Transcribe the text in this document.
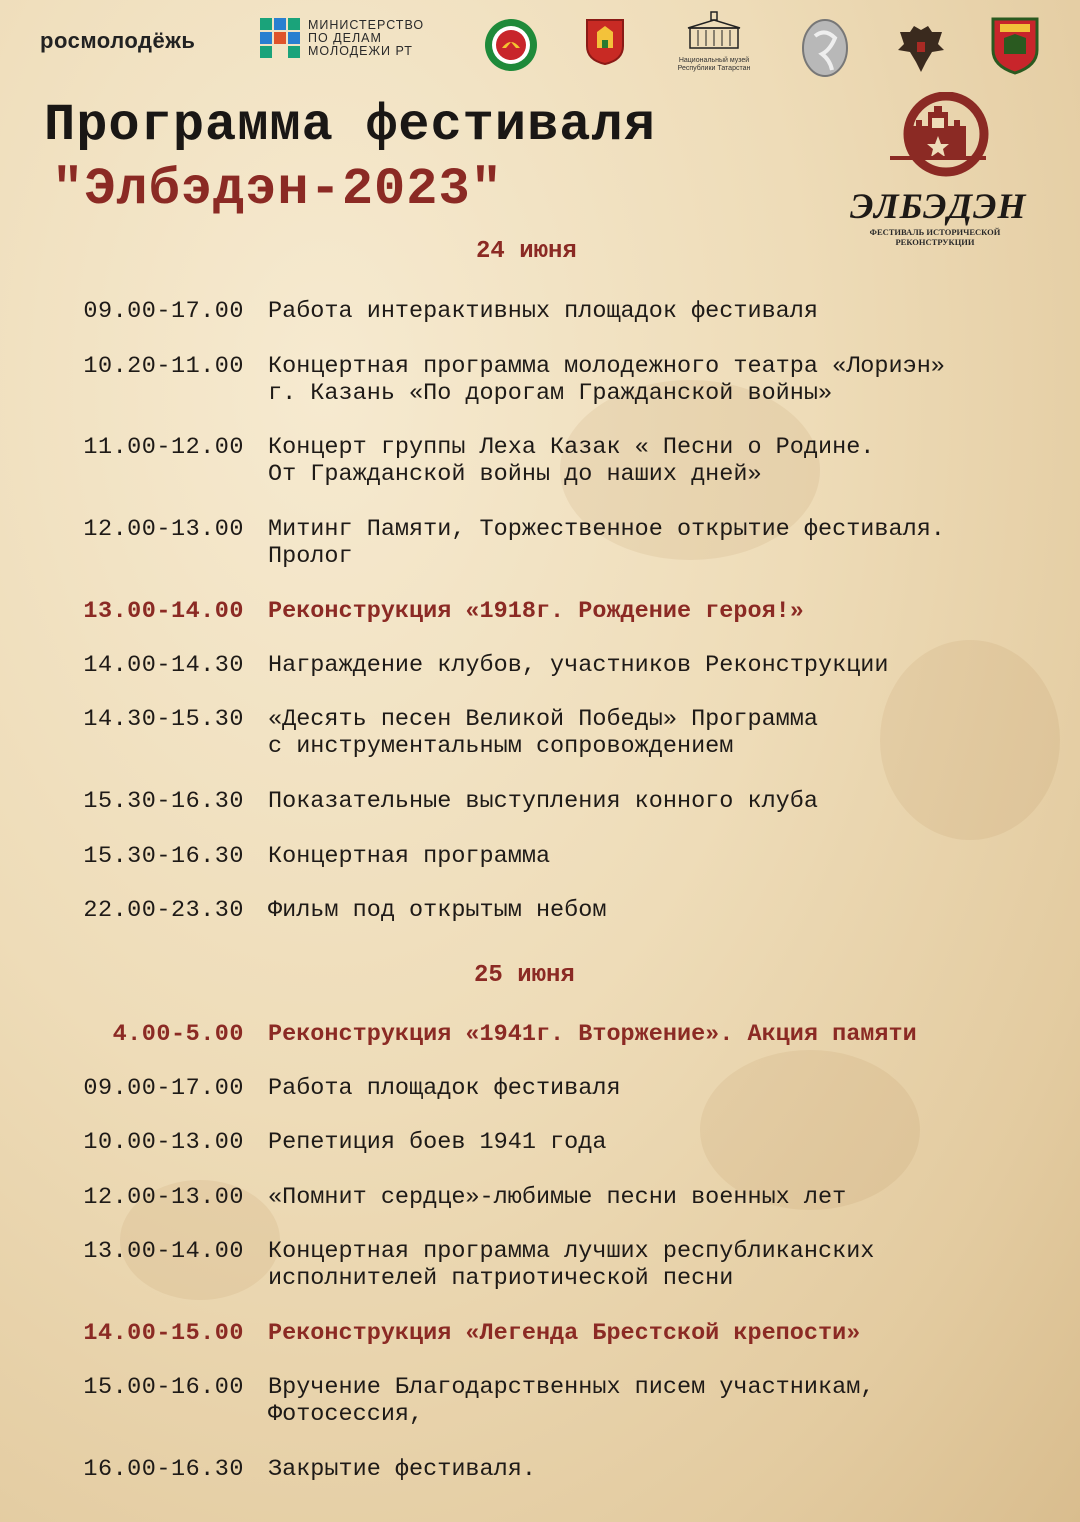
росмолодёжь
МИНИСТЕРСТВО
ПО ДЕЛАМ
МОЛОДЕЖИ РТ
Национальный музей
Республики Татарстан
Программа фестиваля
"Элбэдэн-2023"	ЭЛБЭДЭН
ФЕСТИВАЛЬ ИСТОРИЧЕСКОЙ
РЕКОНСТРУКЦИИ
24 июня
09.00-17.00 Работа интерактивных площадок фестиваля
10.20-11.00 Концертная программа молодежного театра «Лориэн»
г. Казань «По дорогам Гражданской войны»
11.00-12.00 Концерт группы Леха Казак « Песни о Родине.
От Гражданской войны до наших дней»
12.00-13.00 Митинг Памяти, Торжественное открытие фестиваля.
Пролог
13.00-14.00 Реконструкция «1918г. Рождение героя!»
14.00-14.30 Награждение клубов, участников Реконструкции
14.30-15.30 «Десять песен Великой Победы» Программа
с инструментальным сопровождением
15.30-16.30 Показательные выступления конного клуба
15.30-16.30 Концертная программа
22.00-23.30 Фильм под открытым небом
25 июня
4.00-5.00 Реконструкция «1941г. Вторжение». Акция памяти
09.00-17.00 Работа площадок фестиваля
10.00-13.00 Репетиция боев 1941 года
12.00-13.00 «Помнит сердце»-любимые песни военных лет
13.00-14.00 Концертная программа лучших республиканских
исполнителей патриотической песни
14.00-15.00 Реконструкция «Легенда Брестской крепости»
15.00-16.00 Вручение Благодарственных писем участникам,
Фотосессия,
16.00-16.30 Закрытие фестиваля.
